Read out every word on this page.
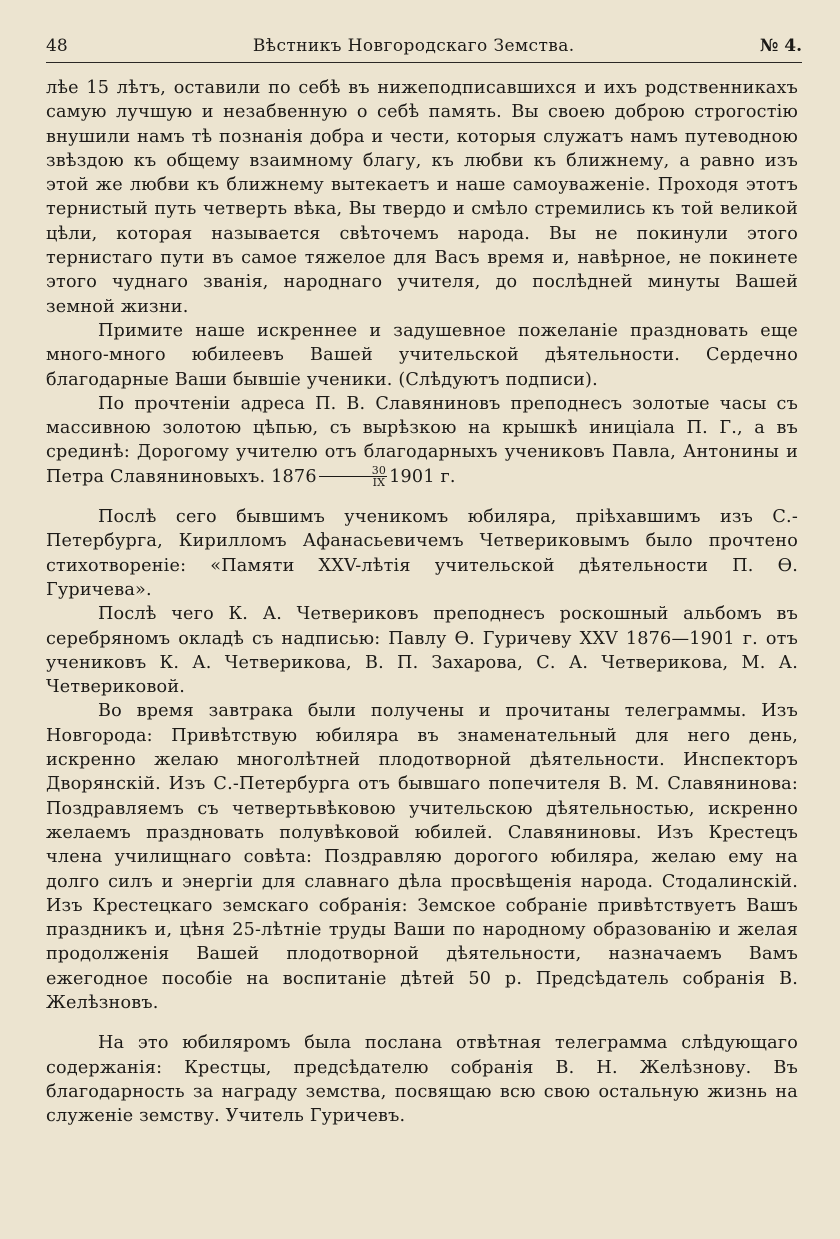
48	Вѣстникъ Новгородскаго Земства.	№ 4.

лѣе 15 лѣтъ, оставили по себѣ въ нижеподписавшихся и ихъ родственникахъ самую лучшую и незабвенную о себѣ память. Вы своею доброю строгостію внушили намъ тѣ познанія добра и чести, которыя служатъ намъ путеводною звѣздою къ общему взаимному благу, къ любви къ ближнему, а равно изъ этой же любви къ ближнему вытекаетъ и наше самоуваженіе. Проходя этотъ тернистый путь четверть вѣка, Вы твердо и смѣло стремились къ той великой цѣли, которая называется свѣточемъ народа. Вы не покинули этого тернистаго пути въ самое тяжелое для Васъ время и, навѣрное, не покинете этого чуднаго званія, народнаго учителя, до послѣдней минуты Вашей земной жизни.

Примите наше искреннее и задушевное пожеланіе праздновать еще много-много юбилеевъ Вашей учительской дѣятельности. Сердечно благодарные Ваши бывшіе ученики. (Слѣдуютъ подписи).

По прочтеніи адреса П. В. Славяниновъ преподнесъ золотые часы съ массивною золотою цѣпью, съ вырѣзкою на крышкѣ иниціала П. Г., а въ срединѣ: Дорогому учителю отъ благодарныхъ учениковъ Павла, Антонины и Петра Славяниновыхъ. $1876 \frac{30}{IX} 1901$ г.

Послѣ сего бывшимъ ученикомъ юбиляра, пріѣхавшимъ изъ С.-Петербурга, Кирилломъ Афанасьевичемъ Четвериковымъ было прочтено стихотвореніе: «Памяти XXV-лѣтія учительской дѣятельности П. Ѳ. Гуричева».

Послѣ чего К. А. Четвериковъ преподнесъ роскошный альбомъ въ серебряномъ окладѣ съ надписью: Павлу Ѳ. Гуричеву XXV 1876—1901 г. отъ учениковъ К. А. Четверикова, В. П. Захарова, С. А. Четверикова, М. А. Четвериковой.

Во время завтрака были получены и прочитаны телеграммы. Изъ Новгорода: Привѣтствую юбиляра въ знаменательный для него день, искренно желаю многолѣтней плодотворной дѣятельности. Инспекторъ Дворянскій. Изъ С.-Петербурга отъ бывшаго попечителя В. М. Славянинова: Поздравляемъ съ четвертьвѣковою учительскою дѣятельностью, искренно желаемъ праздновать полувѣковой юбилей. Славяниновы. Изъ Крестецъ члена училищнаго совѣта: Поздравляю дорогого юбиляра, желаю ему на долго силъ и энергіи для славнаго дѣла просвѣщенія народа. Стодалинскій. Изъ Крестецкаго земскаго собранія: Земское собраніе привѣтствуетъ Вашъ праздникъ и, цѣня 25-лѣтніе труды Ваши по народному образованію и желая продолженія Вашей плодотворной дѣятельности, назначаемъ Вамъ ежегодное пособіе на воспитаніе дѣтей 50 р. Предсѣдатель собранія В. Желѣзновъ.

На это юбиляромъ была послана отвѣтная телеграмма слѣдующаго содержанія: Крестцы, предсѣдателю собранія В. Н. Желѣзнову. Въ благодарность за награду земства, посвящаю всю свою остальную жизнь на служеніе земству. Учитель Гуричевъ.
